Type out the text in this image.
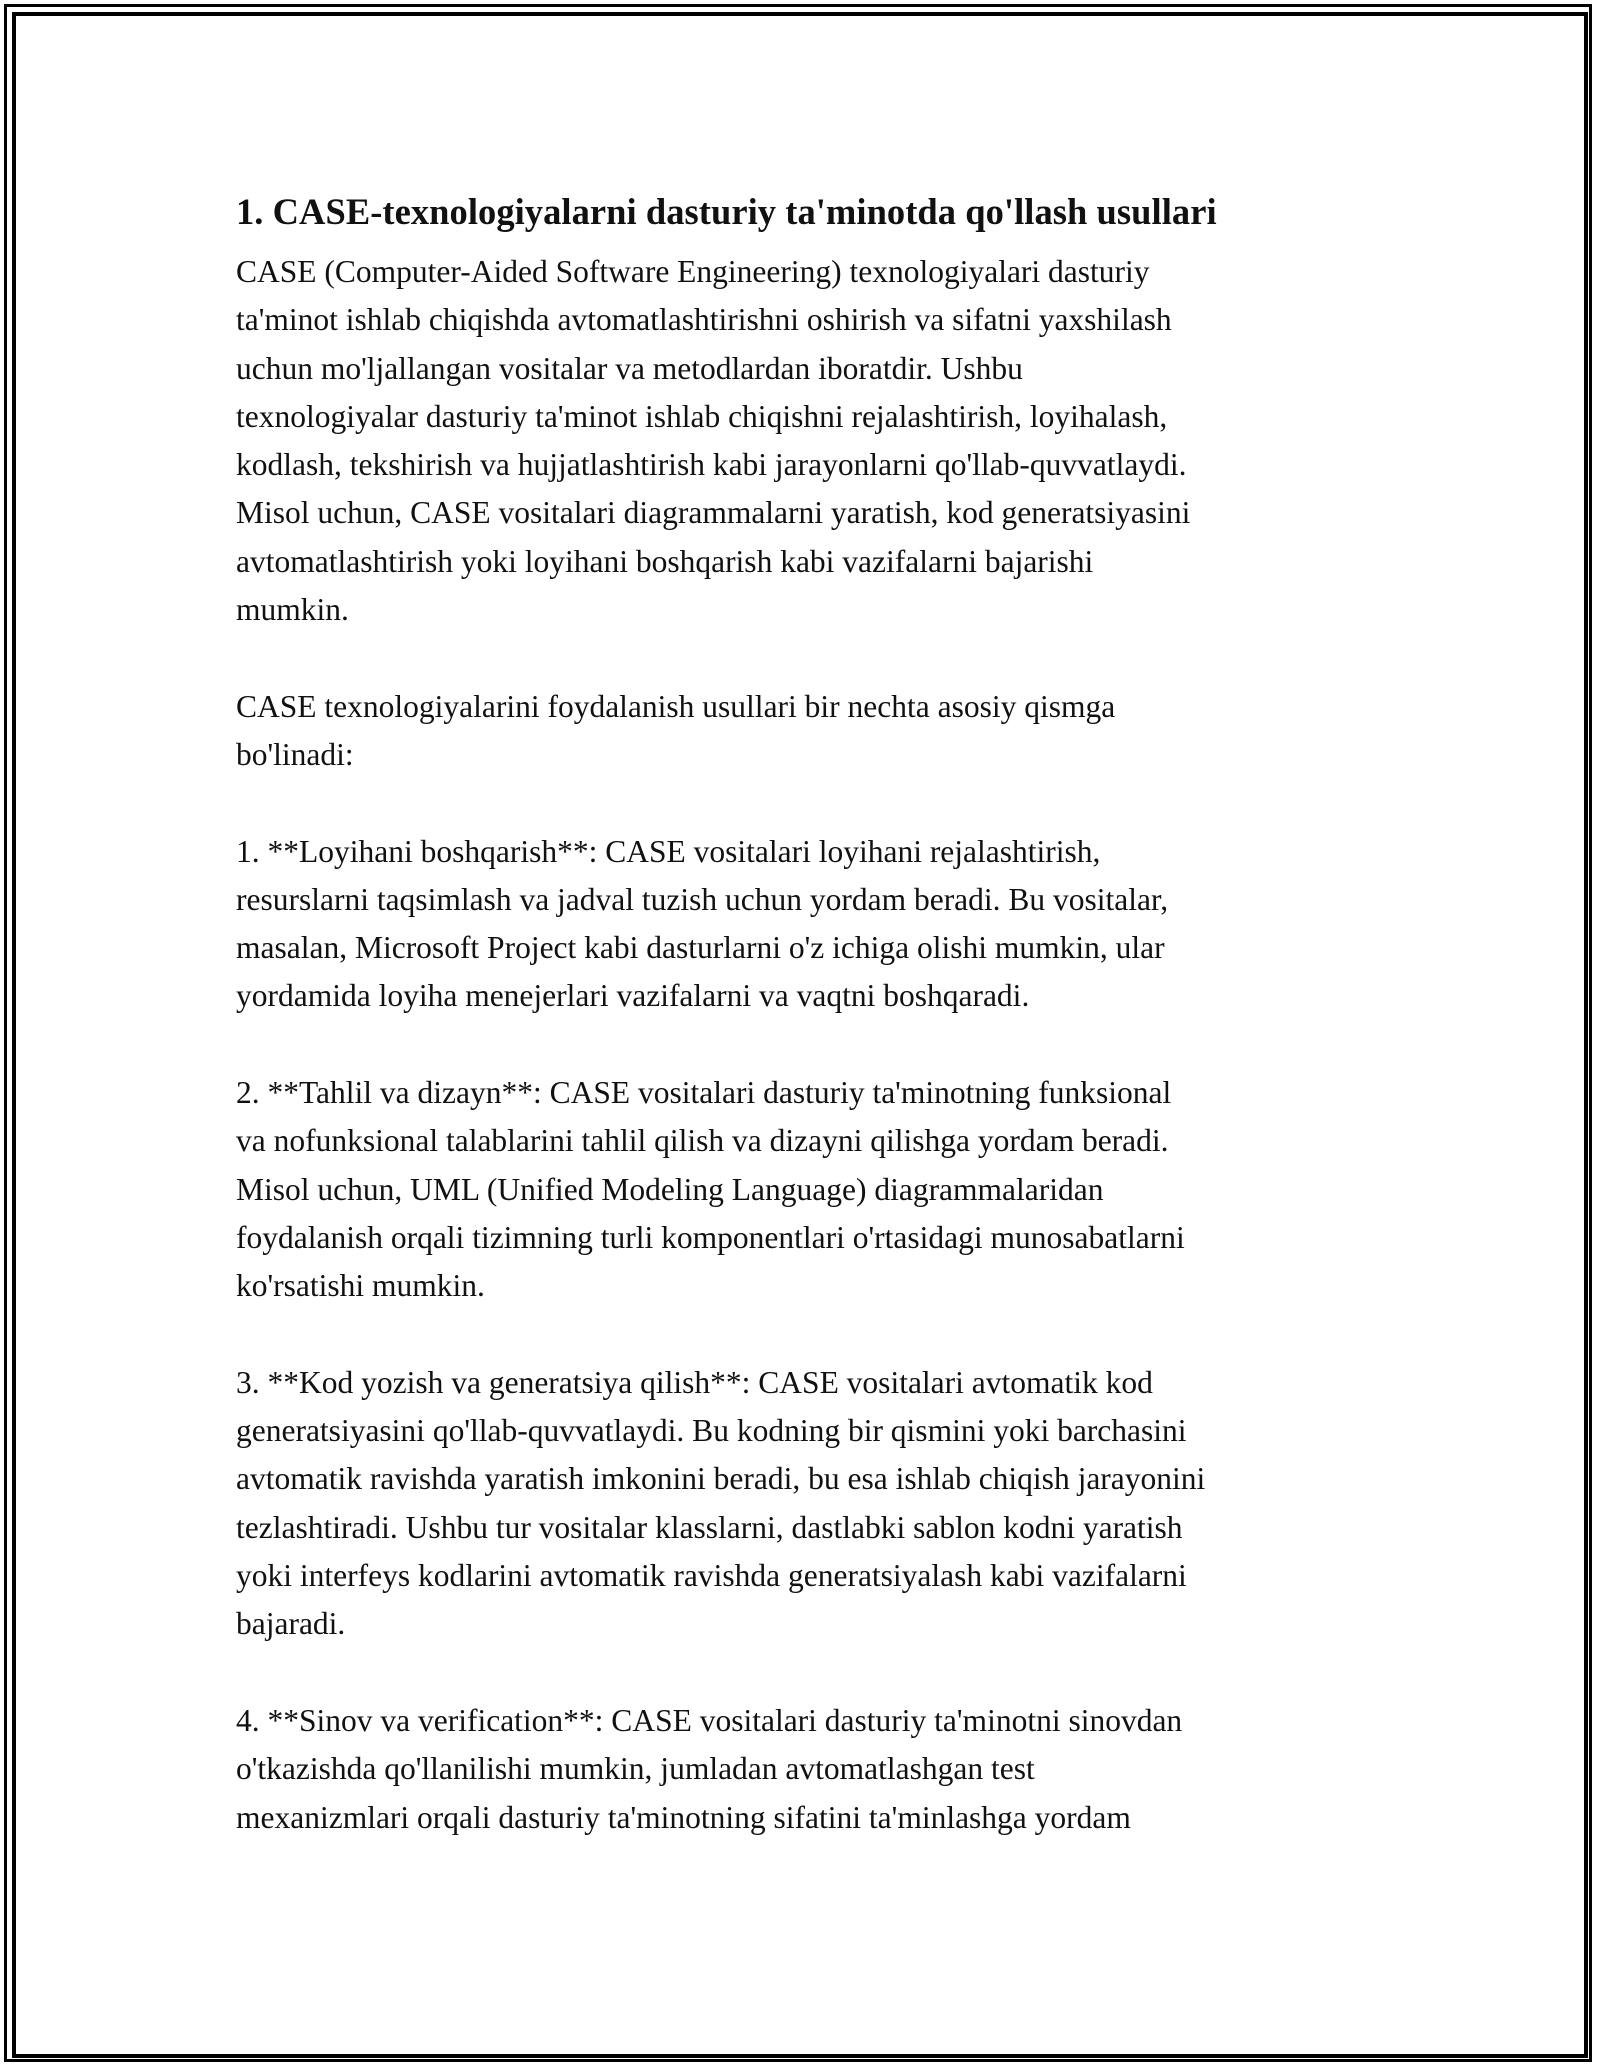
1. CASE-texnologiyalarni dasturiy ta'minotda qo'llash usullari
CASE (Computer-Aided Software Engineering) texnologiyalari dasturiy
ta'minot ishlab chiqishda avtomatlashtirishni oshirish va sifatni yaxshilash
uchun mo'ljallangan vositalar va metodlardan iboratdir. Ushbu
texnologiyalar dasturiy ta'minot ishlab chiqishni rejalashtirish, loyihalash,
kodlash, tekshirish va hujjatlashtirish kabi jarayonlarni qo'llab-quvvatlaydi.
Misol uchun, CASE vositalari diagrammalarni yaratish, kod generatsiyasini
avtomatlashtirish yoki loyihani boshqarish kabi vazifalarni bajarishi
mumkin.
CASE texnologiyalarini foydalanish usullari bir nechta asosiy qismga
bo'linadi:
1. **Loyihani boshqarish**: CASE vositalari loyihani rejalashtirish,
resurslarni taqsimlash va jadval tuzish uchun yordam beradi. Bu vositalar,
masalan, Microsoft Project kabi dasturlarni o'z ichiga olishi mumkin, ular
yordamida loyiha menejerlari vazifalarni va vaqtni boshqaradi.
2. **Tahlil va dizayn**: CASE vositalari dasturiy ta'minotning funksional
va nofunksional talablarini tahlil qilish va dizayni qilishga yordam beradi.
Misol uchun, UML (Unified Modeling Language) diagrammalaridan
foydalanish orqali tizimning turli komponentlari o'rtasidagi munosabatlarni
ko'rsatishi mumkin.
3. **Kod yozish va generatsiya qilish**: CASE vositalari avtomatik kod
generatsiyasini qo'llab-quvvatlaydi. Bu kodning bir qismini yoki barchasini
avtomatik ravishda yaratish imkonini beradi, bu esa ishlab chiqish jarayonini
tezlashtiradi. Ushbu tur vositalar klasslarni, dastlabki sablon kodni yaratish
yoki interfeys kodlarini avtomatik ravishda generatsiyalash kabi vazifalarni
bajaradi.
4. **Sinov va verification**: CASE vositalari dasturiy ta'minotni sinovdan
o'tkazishda qo'llanilishi mumkin, jumladan avtomatlashgan test
mexanizmlari orqali dasturiy ta'minotning sifatini ta'minlashga yordam
